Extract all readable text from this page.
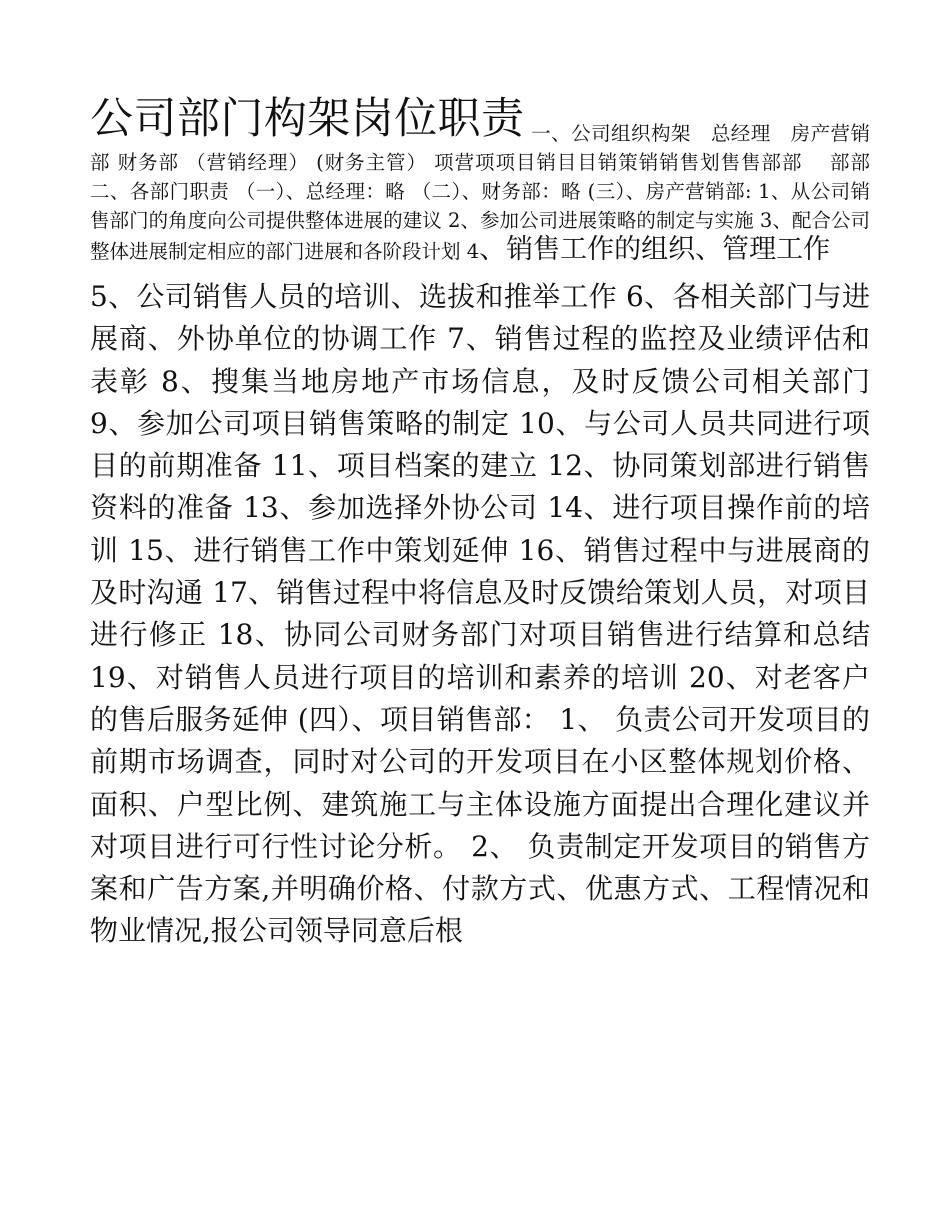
公司部门构架岗位职责 一、公司组织构架　总经理　房产营销部 财务部 （营销经理） (财务主管） 项营项项目销目目销策销销售划售售部部　 部部　　　　二、各部门职责 （一）、总经理：略 （二）、财务部：略 (三）、房产营销部: 1、从公司销售部门的角度向公司提供整体进展的建议 2、参加公司进展策略的制定与实施 3、配合公司整体进展制定相应的部门进展和各阶段计划 4、销售工作的组织、管理工作
5、公司销售人员的培训、选拔和推举工作 6、各相关部门与进展商、外协单位的协调工作 7、销售过程的监控及业绩评估和表彰 8、搜集当地房地产市场信息，及时反馈公司相关部门 9、参加公司项目销售策略的制定 10、与公司人员共同进行项目的前期准备 11、项目档案的建立 12、协同策划部进行销售资料的准备 13、参加选择外协公司 14、进行项目操作前的培训 15、进行销售工作中策划延伸 16、销售过程中与进展商的及时沟通 17、销售过程中将信息及时反馈给策划人员，对项目进行修正 18、协同公司财务部门对项目销售进行结算和总结 19、对销售人员进行项目的培训和素养的培训 20、对老客户的售后服务延伸 (四）、项目销售部： 1、 负责公司开发项目的前期市场调查，同时对公司的开发项目在小区整体规划价格、面积、户型比例、建筑施工与主体设施方面提出合理化建议并对项目进行可行性讨论分析。 2、 负责制定开发项目的销售方案和广告方案,并明确价格、付款方式、优惠方式、工程情况和物业情况,报公司领导同意后根
